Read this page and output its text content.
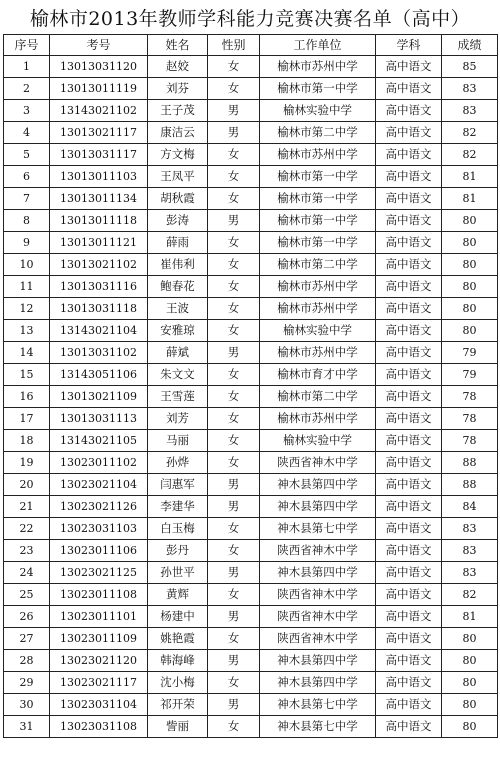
榆林市2013年教师学科能力竞赛决赛名单（高中）
序号	考号	姓名	性别	工作单位	学科	成绩
1	13013031120	赵姣	女	榆林市苏州中学	高中语文	85
2	13013011119	刘芬	女	榆林市第一中学	高中语文	83
3	13143021102	王子茂	男	榆林实验中学	高中语文	83
4	13013021117	康洁云	男	榆林市第二中学	高中语文	82
5	13013031117	方文梅	女	榆林市苏州中学	高中语文	82
6	13013011103	王凤平	女	榆林市第一中学	高中语文	81
7	13013011134	胡秋霞	女	榆林市第一中学	高中语文	81
8	13013011118	彭涛	男	榆林市第一中学	高中语文	80
9	13013011121	薛雨	女	榆林市第一中学	高中语文	80
10	13013021102	崔伟利	女	榆林市第二中学	高中语文	80
11	13013031116	鲍春花	女	榆林市苏州中学	高中语文	80
12	13013031118	王波	女	榆林市苏州中学	高中语文	80
13	13143021104	安雅琼	女	榆林实验中学	高中语文	80
14	13013031102	薛斌	男	榆林市苏州中学	高中语文	79
15	13143051106	朱文文	女	榆林市育才中学	高中语文	79
16	13013021109	王雪莲	女	榆林市第二中学	高中语文	78
17	13013031113	刘芳	女	榆林市苏州中学	高中语文	78
18	13143021105	马丽	女	榆林实验中学	高中语文	78
19	13023011102	孙烨	女	陕西省神木中学	高中语文	88
20	13023021104	闫惠军	男	神木县第四中学	高中语文	88
21	13023021126	李建华	男	神木县第四中学	高中语文	84
22	13023031103	白玉梅	女	神木县第七中学	高中语文	83
23	13023011106	彭丹	女	陕西省神木中学	高中语文	83
24	13023021125	孙世平	男	神木县第四中学	高中语文	83
25	13023011108	黄辉	女	陕西省神木中学	高中语文	82
26	13023011101	杨建中	男	陕西省神木中学	高中语文	81
27	13023011109	姚艳霞	女	陕西省神木中学	高中语文	80
28	13023021120	韩海峰	男	神木县第四中学	高中语文	80
29	13023021117	沈小梅	女	神木县第四中学	高中语文	80
30	13023031104	祁开荣	男	神木县第七中学	高中语文	80
31	13023031108	訾丽	女	神木县第七中学	高中语文	80
